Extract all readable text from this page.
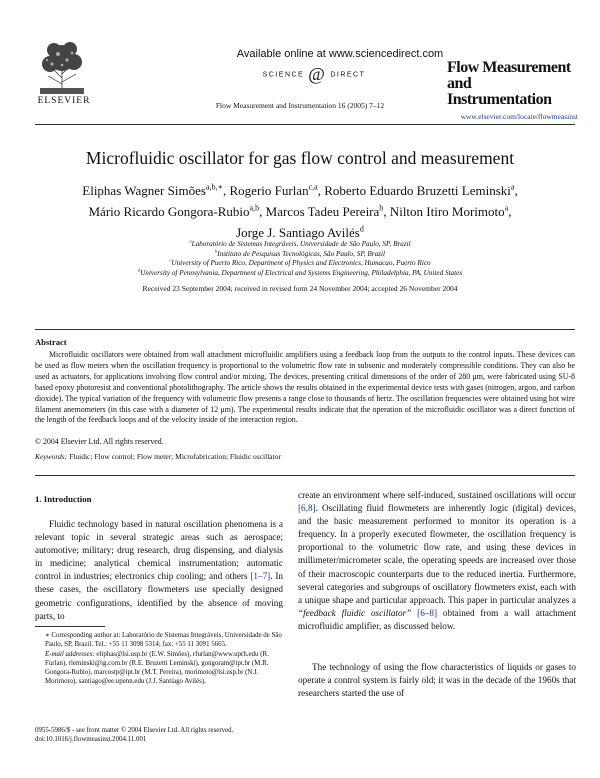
ELSEVIER
Available online at www.sciencedirect.com
SCIENCE @ DIRECT
Flow Measurement and Instrumentation 16 (2005) 7–12
Flow Measurement
and Instrumentation
www.elsevier.com/locate/flowmeasinst
Microfluidic oscillator for gas flow control and measurement
Eliphas Wagner Simões$^{a,b,∗}$, Rogerio Furlan$^{c,a}$, Roberto Eduardo Bruzetti Leminski$^a$,
Mário Ricardo Gongora-Rubio$^{a,b}$, Marcos Tadeu Pereira$^b$, Nilton Itiro Morimoto$^a$,
Jorge J. Santiago Avilés$^d$
$^a$Laboratório de Sistemas Integráveis, Universidade de São Paulo, SP, Brazil
$^b$Instituto de Pesquisas Tecnológicas, São Paulo, SP, Brazil
$^c$University of Puerto Rico, Department of Physics and Electronics, Humacao, Puerto Rico
$^d$University of Pennsylvania, Department of Electrical and Systems Engineering, Philadelphia, PA, United States
Received 23 September 2004; received in revised form 24 November 2004; accepted 26 November 2004
Abstract
Microfluidic oscillators were obtained from wall attachment microfluidic amplifiers using a feedback loop from the outputs to the control inputs. These devices can be used as flow meters when the oscillation frequency is proportional to the volumetric flow rate in subsonic and moderately compressible conditions. They can also be used as actuators, for applications involving flow control and/or mixing. The devices, presenting critical dimensions of the order of 280 μm, were fabricated using SU-8 based epoxy photoresist and conventional photolithography. The article shows the results obtained in the experimental device tests with gases (nitrogen, argon, and carbon dioxide). The typical variation of the frequency with volumetric flow presents a range close to thousands of hertz. The oscillation frequencies were obtained using hot wire filament anemometers (in this case with a diameter of 12 μm). The experimental results indicate that the operation of the microfluidic oscillator was a direct function of the length of the feedback loops and of the velocity inside of the interaction region.
© 2004 Elsevier Ltd. All rights reserved.
Keywords: Fluidic; Flow control; Flow meter; Microfabrication; Fluidic oscillator
1. Introduction
Fluidic technology based in natural oscillation phenomena is a relevant topic in several strategic areas such as aerospace; automotive; military; drug research, drug dispensing, and dialysis in medicine; analytical chemical instrumentation; automatic control in industries; electronics chip cooling; and others [1–7]. In these cases, the oscillatory flowmeters use specially designed geometric configurations, identified by the absence of moving parts, to
create an environment where self-induced, sustained oscillations will occur [6,8]. Oscillating fluid flowmeters are inherently logic (digital) devices, and the basic measurement performed to monitor its operation is a frequency. In a properly executed flowmeter, the oscillation frequency is proportional to the volumetric flow rate, and using these devices in millimeter/micrometer scale, the operating speeds are increased over those of their macroscopic counterparts due to the reduced inertia. Furthermore, several categories and subgroups of oscillatory flowmeters exist, each with a unique shape and particular approach. This paper in particular analyzes a “feedback fluidic oscillator” [6–8] obtained from a wall attachment microfluidic amplifier, as discussed below.
The technology of using the flow characteristics of liquids or gases to operate a control system is fairly old; it was in the decade of the 1960s that researchers started the use of
∗ Corresponding author at: Laboratório de Sistemas Integráveis, Universidade de São Paulo, SP, Brazil. Tel.: +55 11 3098 5314; fax: +55 11 3091 5665.
E-mail addresses: eliphas@lsi.usp.br (E.W. Simões), rfurlan@www.uprh.edu (R. Furlan), rleminski@ig.com.br (R.E. Bruzetti Leminski), gongoram@ipt.br (M.R. Gongora-Rubio), marcostp@ipt.br (M.T. Pereira), morimoto@lsi.usp.br (N.I. Morimoto), santiago@ee.upenn.edu (J.J. Santiago Avilés).
0955-5986/$ - see front matter © 2004 Elsevier Ltd. All rights reserved.
doi:10.1016/j.flowmeasinst.2004.11.001
